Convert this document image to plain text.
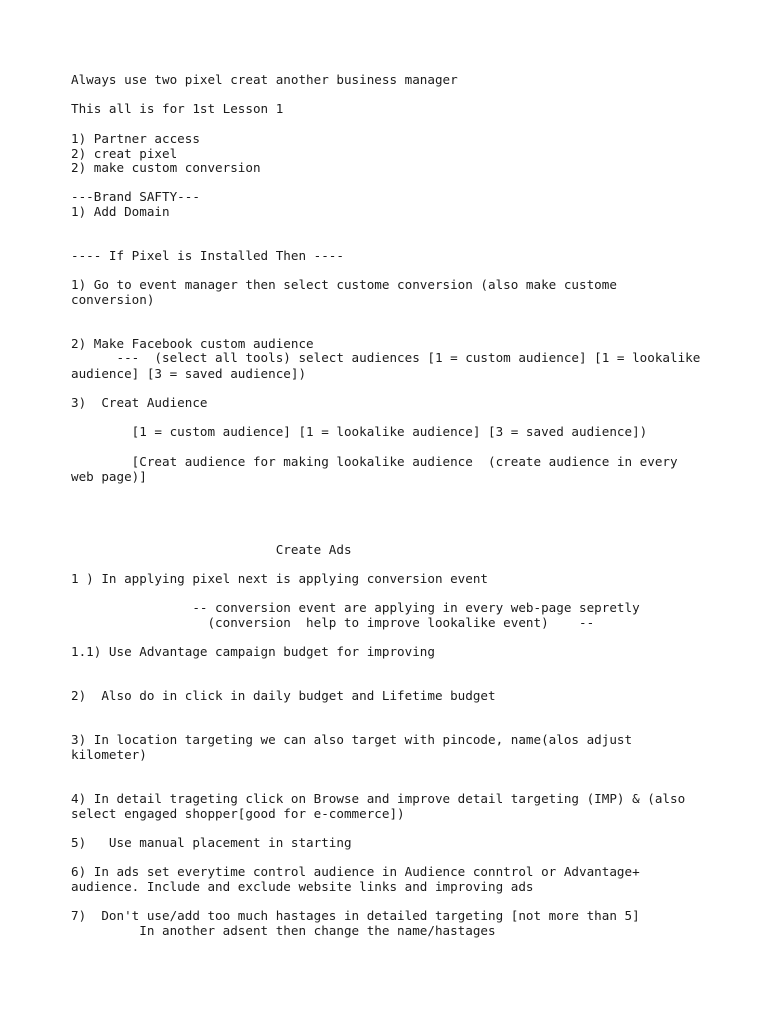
Always use two pixel creat another business manager

This all is for 1st Lesson 1

1) Partner access

2) creat pixel

2) make custom conversion

---Brand SAFTY---

1) Add Domain

---- If Pixel is Installed Then ----

1) Go to event manager then select custome conversion (also make custome

conversion)

2) Make Facebook custom audience

---  (select all tools) select audiences [1 = custom audience] [1 = lookalike

audience] [3 = saved audience])

3)  Creat Audience

[1 = custom audience] [1 = lookalike audience] [3 = saved audience])

[Creat audience for making lookalike audience  (create audience in every

web page)]

Create Ads

1 ) In applying pixel next is applying conversion event

-- conversion event are applying in every web-page sepretly

(conversion  help to improve lookalike event)    --

1.1) Use Advantage campaign budget for improving

2)  Also do in click in daily budget and Lifetime budget

3) In location targeting we can also target with pincode, name(alos adjust

kilometer)

4) In detail trageting click on Browse and improve detail targeting (IMP) & (also

select engaged shopper[good for e-commerce])

5)   Use manual placement in starting

6) In ads set everytime control audience in Audience conntrol or Advantage+

audience. Include and exclude website links and improving ads

7)  Don't use/add too much hastages in detailed targeting [not more than 5]

In another adsent then change the name/hastages
